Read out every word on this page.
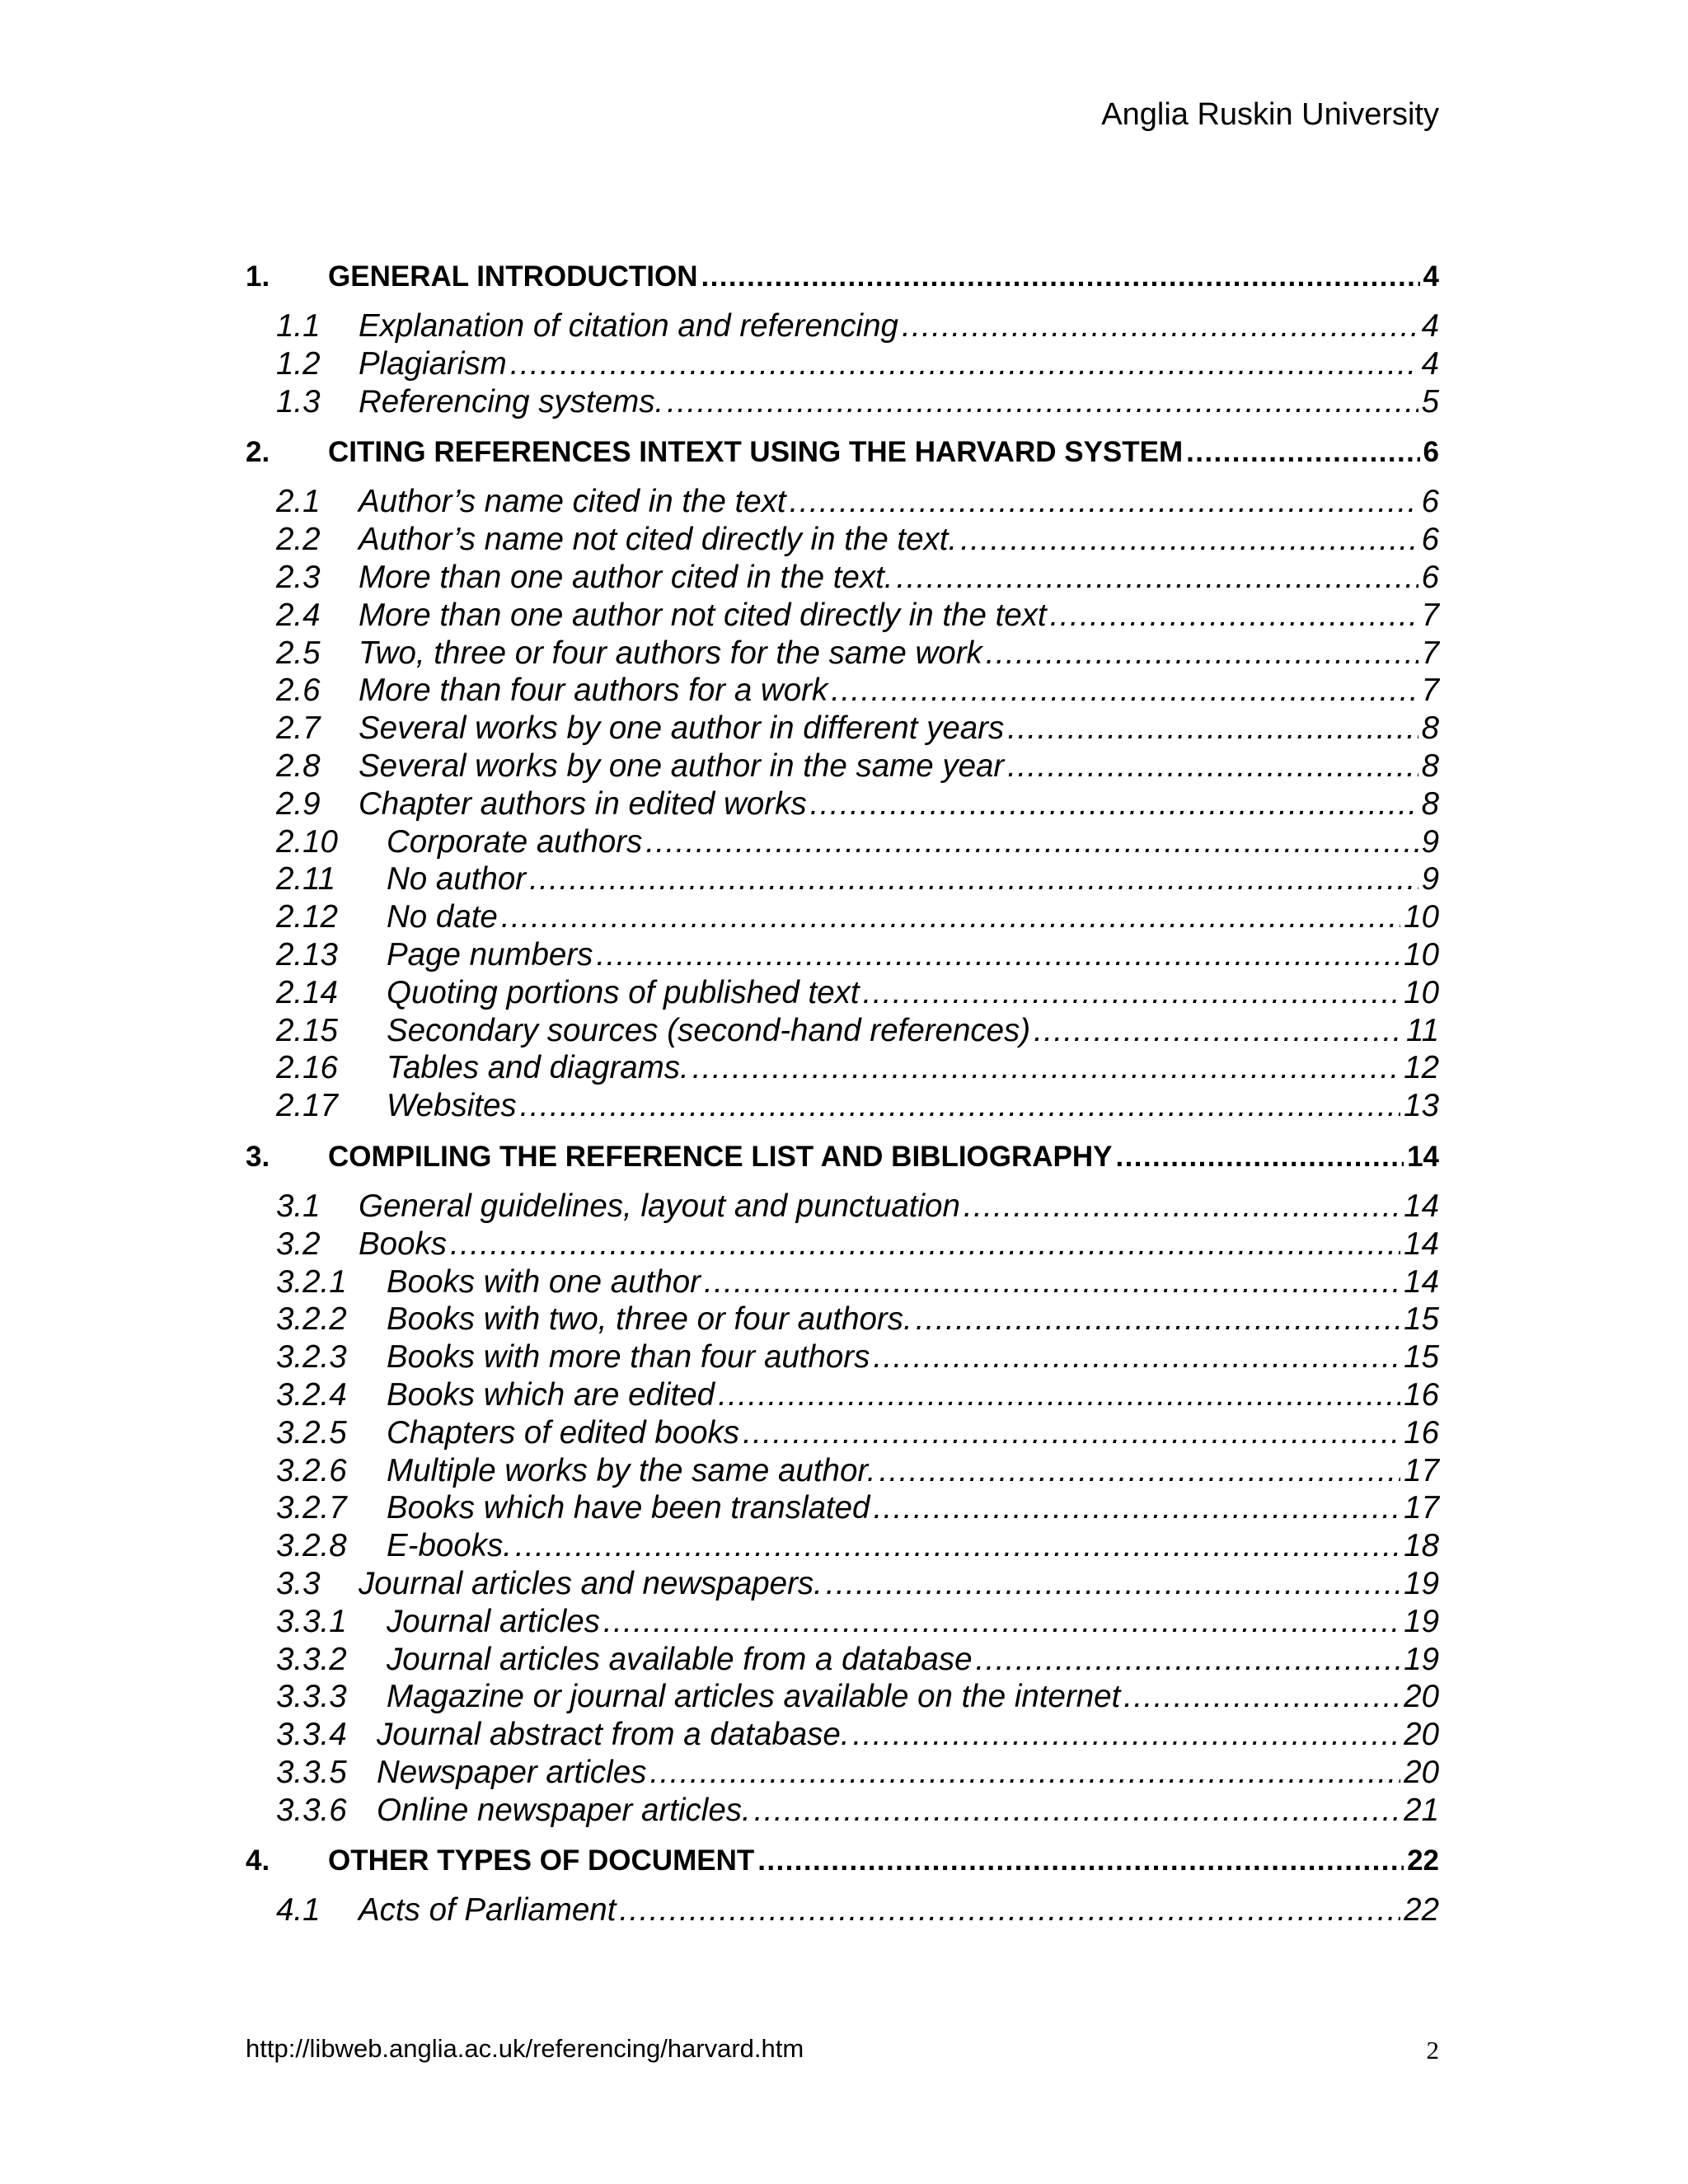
Anglia Ruskin University
1.	GENERAL INTRODUCTION .....	4
1.1	Explanation of citation and referencing .....	4
1.2	Plagiarism .....	4
1.3	Referencing systems. .....	5
2.	CITING REFERENCES INTEXT USING THE HARVARD SYSTEM .....	6
2.1	Author’s name cited in the text .....	6
2.2	Author’s name not cited directly in the text. .....	6
2.3	More than one author cited in the text. .....	6
2.4	More than one author not cited directly in the text .....	7
2.5	Two, three or four authors for the same work .....	7
2.6	More than four authors for a work .....	7
2.7	Several works by one author in different years .....	8
2.8	Several works by one author in the same year .....	8
2.9	Chapter authors in edited works .....	8
2.10	Corporate authors .....	9
2.11	No author .....	9
2.12	No date .....	10
2.13	Page numbers .....	10
2.14	Quoting portions of published text .....	10
2.15	Secondary sources (second-hand references) .....	11
2.16	Tables and diagrams. .....	12
2.17	Websites .....	13
3.	COMPILING THE REFERENCE LIST AND BIBLIOGRAPHY .....	14
3.1	General guidelines, layout and punctuation .....	14
3.2	Books .....	14
3.2.1	Books with one author .....	14
3.2.2	Books with two, three or four authors. .....	15
3.2.3	Books with more than four authors .....	15
3.2.4	Books which are edited .....	16
3.2.5	Chapters of edited books .....	16
3.2.6	Multiple works by the same author. .....	17
3.2.7	Books which have been translated .....	17
3.2.8	E-books. .....	18
3.3	Journal articles and newspapers. .....	19
3.3.1	Journal articles .....	19
3.3.2	Journal articles available from a database .....	19
3.3.3	Magazine or journal articles available on the internet .....	20
3.3.4 Journal abstract from a database. .....	20
3.3.5 Newspaper articles .....	20
3.3.6 Online newspaper articles. .....	21
4.	OTHER TYPES OF DOCUMENT .....	22
4.1	Acts of Parliament .....	22
http://libweb.anglia.ac.uk/referencing/harvard.htm	2
